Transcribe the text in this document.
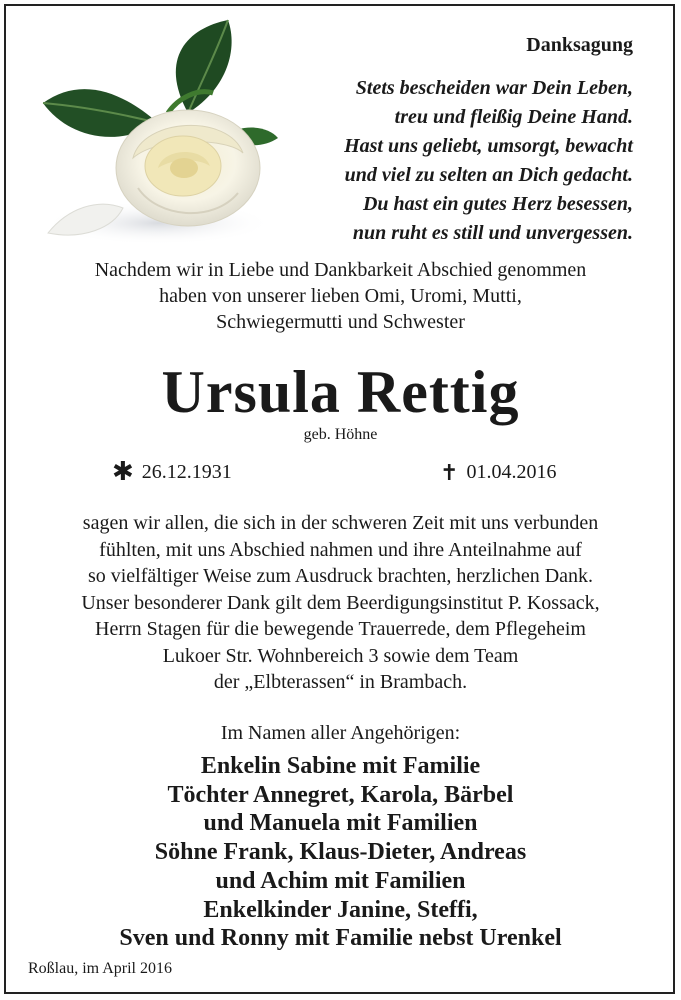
Danksagung
Stets bescheiden war Dein Leben,
treu und fleißig Deine Hand.
Hast uns geliebt, umsorgt, bewacht
und viel zu selten an Dich gedacht.
Du hast ein gutes Herz besessen,
nun ruht es still und unvergessen.
Nachdem wir in Liebe und Dankbarkeit Abschied genommen
haben von unserer lieben Omi, Uromi, Mutti,
Schwiegermutti und Schwester
Ursula Rettig
geb. Höhne
✱ 26.12.1931	✝ 01.04.2016
sagen wir allen, die sich in der schweren Zeit mit uns verbunden
fühlten, mit uns Abschied nahmen und ihre Anteilnahme auf
so vielfältiger Weise zum Ausdruck brachten, herzlichen Dank.
Unser besonderer Dank gilt dem Beerdigungsinstitut P. Kossack,
Herrn Stagen für die bewegende Trauerrede, dem Pflegeheim
Lukoer Str. Wohnbereich 3 sowie dem Team
der „Elbterassen“ in Brambach.
Im Namen aller Angehörigen:
Enkelin Sabine mit Familie
Töchter Annegret, Karola, Bärbel
und Manuela mit Familien
Söhne Frank, Klaus-Dieter, Andreas
und Achim mit Familien
Enkelkinder Janine, Steffi,
Sven und Ronny mit Familie nebst Urenkel
Roßlau, im April 2016
